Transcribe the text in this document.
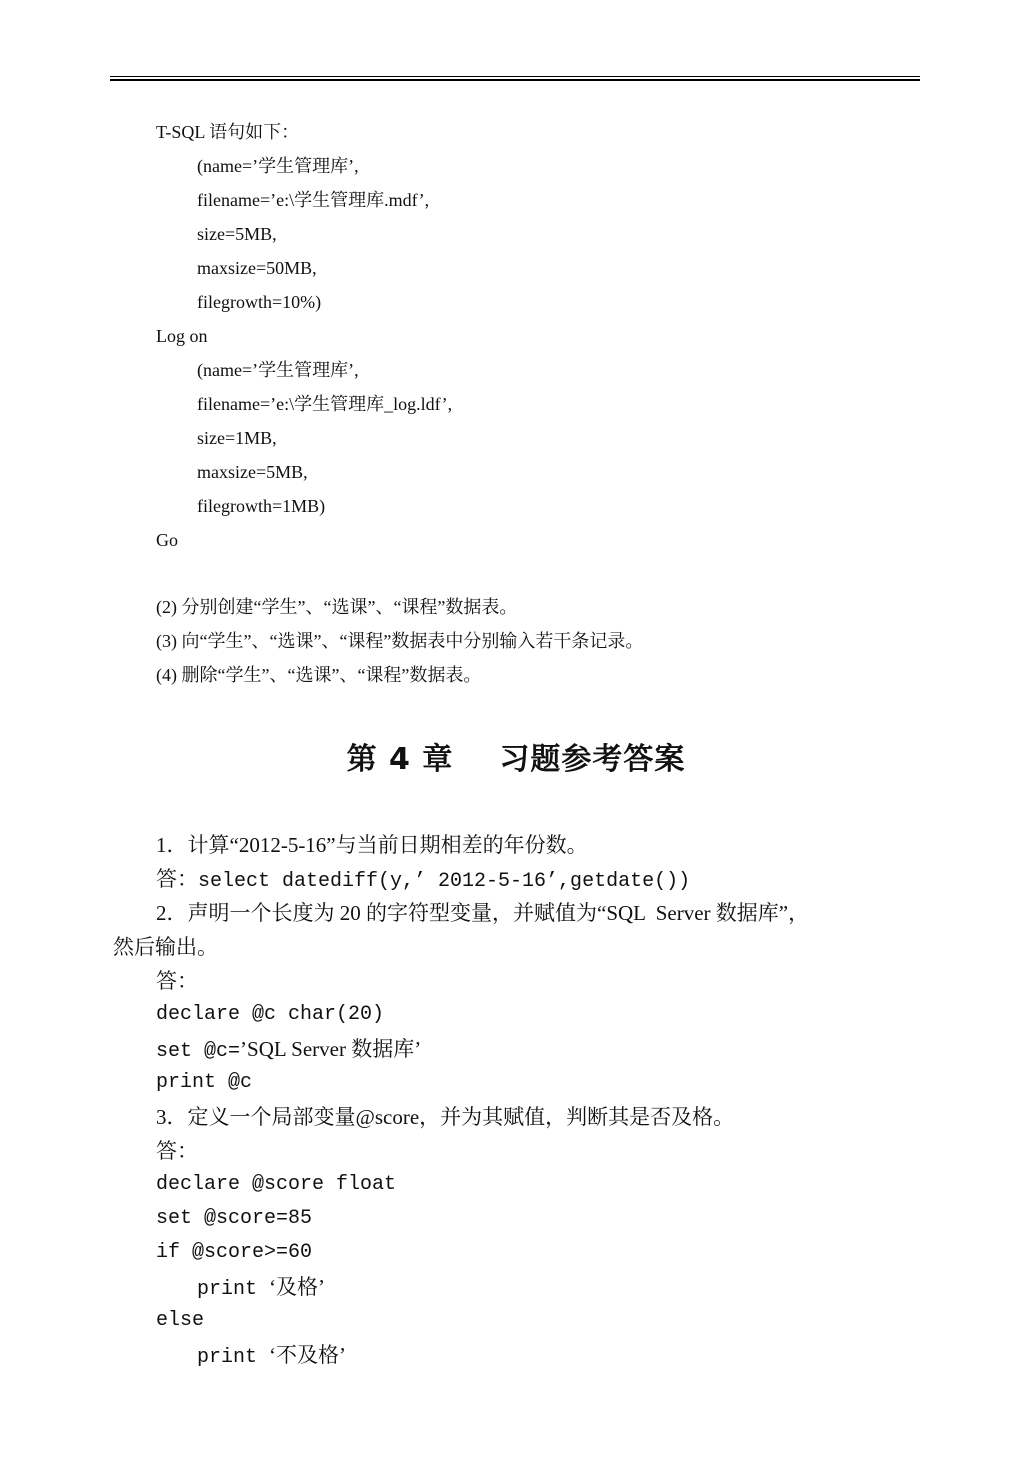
T-SQL 语句如下：
(name=’学生管理库’,
filename=’e:\学生管理库.mdf’,
size=5MB,
maxsize=50MB,
filegrowth=10%)
Log on
(name=’学生管理库’,
filename=’e:\学生管理库_log.ldf’,
size=1MB,
maxsize=5MB,
filegrowth=1MB)
Go
(2) 分别创建“学生”、“选课”、“课程”数据表。
(3) 向“学生”、“选课”、“课程”数据表中分别输入若干条记录。
(4) 删除“学生”、“选课”、“课程”数据表。
第 4 章 习题参考答案
1．计算“2012-5-16”与当前日期相差的年份数。
答：select datediff(y,’ 2012-5-16’,getdate())
2．声明一个长度为 20 的字符型变量，并赋值为“SQL  Server 数据库”，
然后输出。
答：
declare @c char(20)
set @c=’SQL Server 数据库’
print @c
3．定义一个局部变量@score，并为其赋值，判断其是否及格。
答：
declare @score float
set @score=85
if @score>=60
print ‘及格’
else
print ‘不及格’
